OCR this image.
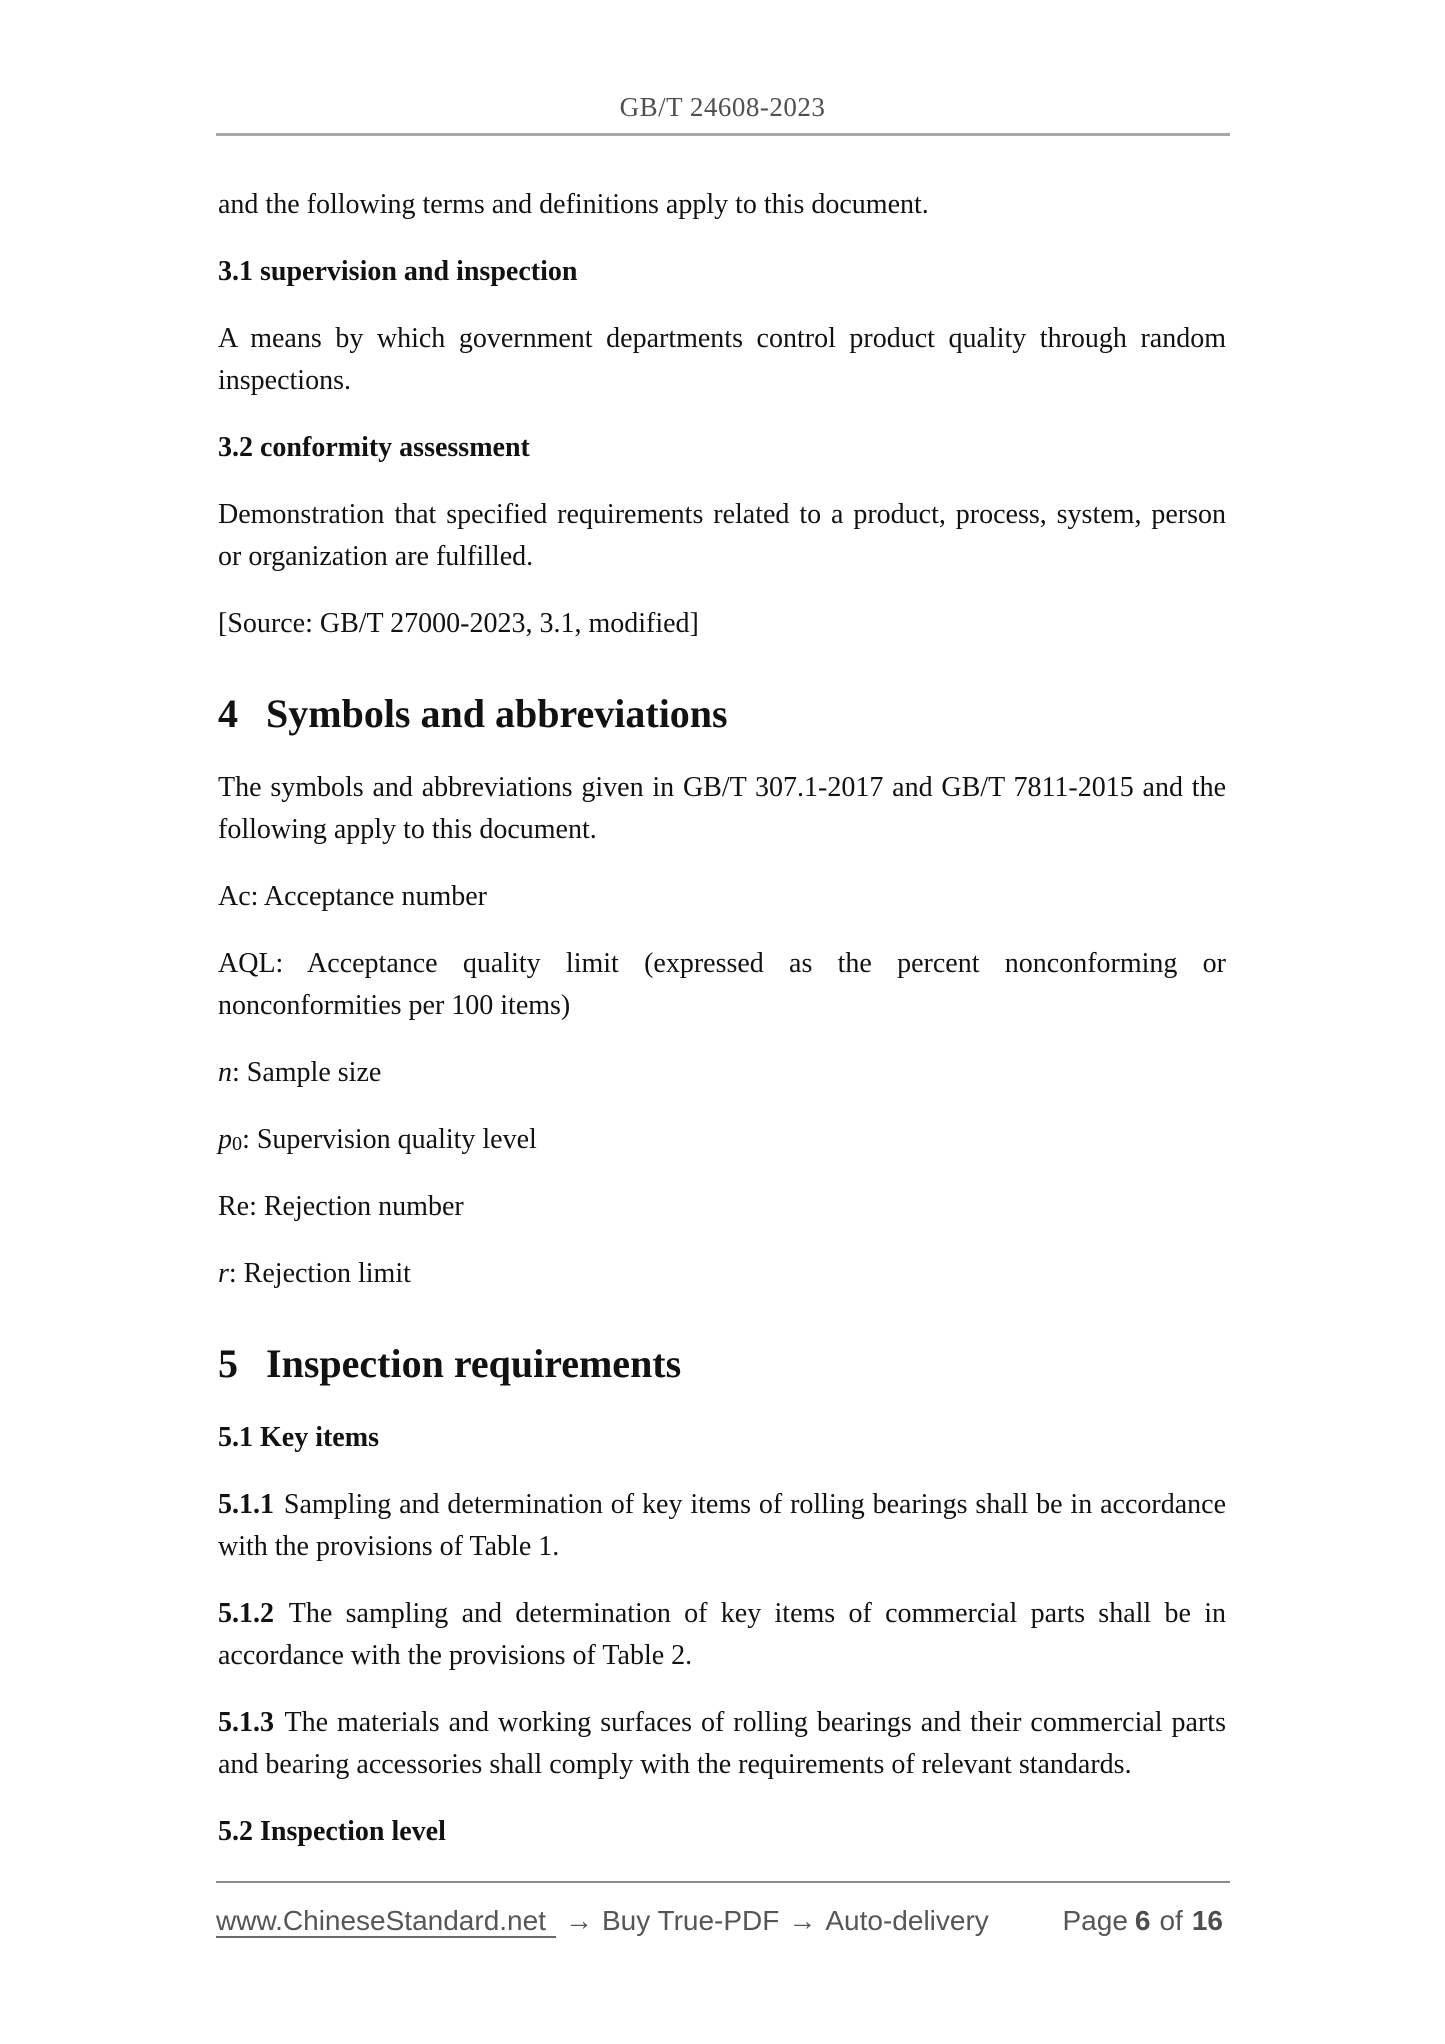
GB/T 24608-2023

and the following terms and definitions apply to this document.

3.1 supervision and inspection

A means by which government departments control product quality through random inspections.

3.2 conformity assessment

Demonstration that specified requirements related to a product, process, system, person or organization are fulfilled.

[Source: GB/T 27000-2023, 3.1, modified]

4 Symbols and abbreviations

The symbols and abbreviations given in GB/T 307.1-2017 and GB/T 7811-2015 and the following apply to this document.

Ac: Acceptance number

AQL: Acceptance quality limit (expressed as the percent nonconforming or nonconformities per 100 items)

n: Sample size

$p_0$: Supervision quality level

Re: Rejection number

r: Rejection limit

5 Inspection requirements
5.1 Key items

5.1.1 Sampling and determination of key items of rolling bearings shall be in accordance with the provisions of Table 1.

5.1.2 The sampling and determination of key items of commercial parts shall be in accordance with the provisions of Table 2.

5.1.3 The materials and working surfaces of rolling bearings and their commercial parts and bearing accessories shall comply with the requirements of relevant standards.

5.2 Inspection level
www.ChineseStandard.net → Buy True-PDF → Auto-delivery	Page 6 of 16
